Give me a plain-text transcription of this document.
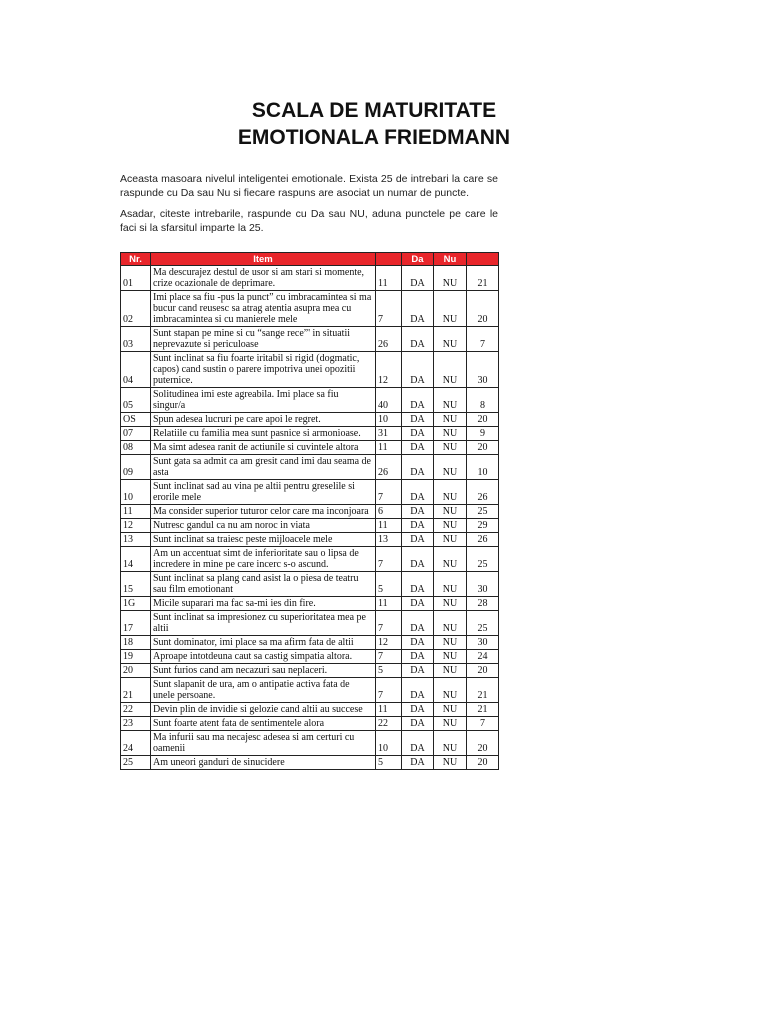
SCALA DE MATURITATE
EMOTIONALA FRIEDMANN
Aceasta masoara nivelul inteligentei emotionale. Exista 25 de intrebari la care se raspunde cu Da sau Nu si fiecare raspuns are asociat un numar de puncte.
Asadar, citeste intrebarile, raspunde cu Da sau NU, aduna punctele pe care le faci si la sfarsitul imparte la 25.
Nr.	Item		Da	Nu	
01	Ma descurajez destul de usor si am stari si momente, crize ocazionale de deprimare.	11	DA	NU	21
02	Imi place sa fiu -pus la punct” cu imbracamintea si ma bucur cand reusesc sa atrag atentia asupra mea cu imbracamintea si cu manierele mele	7	DA	NU	20
03	Sunt stapan pe mine si cu “sange rece”' in situatii neprevazute si periculoase	26	DA	NU	7
04	Sunt inclinat sa fiu foarte iritabil si rigid (dogmatic, capos) cand sustin o parere impotriva unei opozitii puternice.	12	DA	NU	30
05	Solitudinea imi este agreabila. Imi place sa fiu singur/a	40	DA	NU	8
OS	Spun adesea lucruri pe care apoi le regret.	10	DA	NU	20
07	Relatiile cu familia mea sunt pasnice si armonioase.	31	DA	NU	9
08	Ma simt adesea ranit de actiunile si cuvintele altora	11	DA	NU	20
09	Sunt gata sa admit ca am gresit cand imi dau seama de asta	26	DA	NU	10
10	Sunt inclinat sad au vina pe altii pentru greselile si erorile mele	7	DA	NU	26
11	Ma consider superior tuturor celor care ma inconjoara	6	DA	NU	25
12	Nutresc gandul ca nu am noroc in viata	11	DA	NU	29
13	Sunt inclinat sa traiesc peste mijloacele mele	13	DA	NU	26
14	Am un accentuat simt de inferioritate sau o lipsa de incredere in mine pe care incerc s-o ascund.	7	DA	NU	25
15	Sunt inclinat sa plang cand asist la o piesa de teatru sau film emotionant	5	DA	NU	30
1G	Micile suparari ma fac sa-mi ies din fire.	11	DA	NU	28
17	Sunt inclinat sa impresionez cu superioritatea mea pe altii	7	DA	NU	25
18	Sunt dominator, imi place sa ma afirm fata de altii	12	DA	NU	30
19	Aproape intotdeuna caut sa castig simpatia altora.	7	DA	NU	24
20	Sunt furios cand am necazuri sau neplaceri.	5	DA	NU	20
21	Sunt slapanit de ura, am o antipatie activa fata de unele persoane.	7	DA	NU	21
22	Devin plin de invidie si gelozie cand altii au succese	11	DA	NU	21
23	Sunt foarte atent fata de sentimentele alora	22	DA	NU	7
24	Ma infurii sau ma necajesc adesea si am certuri cu oamenii	10	DA	NU	20
25	Am uneori ganduri de sinucidere	5	DA	NU	20
